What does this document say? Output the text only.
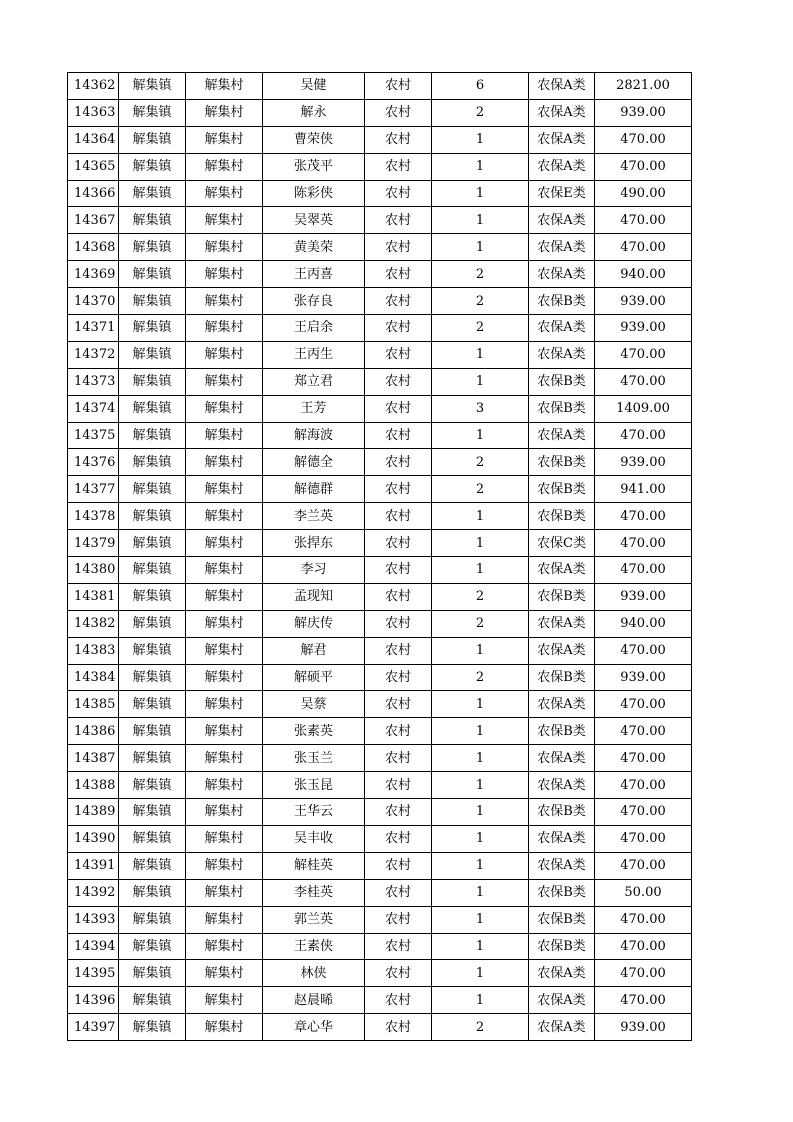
14362	解集镇	解集村	吴健	农村	6	农保A类	2821.00
14363	解集镇	解集村	解永	农村	2	农保A类	939.00
14364	解集镇	解集村	曹荣侠	农村	1	农保A类	470.00
14365	解集镇	解集村	张茂平	农村	1	农保A类	470.00
14366	解集镇	解集村	陈彩侠	农村	1	农保E类	490.00
14367	解集镇	解集村	吴翠英	农村	1	农保A类	470.00
14368	解集镇	解集村	黄美荣	农村	1	农保A类	470.00
14369	解集镇	解集村	王丙喜	农村	2	农保A类	940.00
14370	解集镇	解集村	张存良	农村	2	农保B类	939.00
14371	解集镇	解集村	王启余	农村	2	农保A类	939.00
14372	解集镇	解集村	王丙生	农村	1	农保A类	470.00
14373	解集镇	解集村	郑立君	农村	1	农保B类	470.00
14374	解集镇	解集村	王芳	农村	3	农保B类	1409.00
14375	解集镇	解集村	解海波	农村	1	农保A类	470.00
14376	解集镇	解集村	解德全	农村	2	农保B类	939.00
14377	解集镇	解集村	解德群	农村	2	农保B类	941.00
14378	解集镇	解集村	李兰英	农村	1	农保B类	470.00
14379	解集镇	解集村	张捍东	农村	1	农保C类	470.00
14380	解集镇	解集村	李习	农村	1	农保A类	470.00
14381	解集镇	解集村	孟现知	农村	2	农保B类	939.00
14382	解集镇	解集村	解庆传	农村	2	农保A类	940.00
14383	解集镇	解集村	解君	农村	1	农保A类	470.00
14384	解集镇	解集村	解硕平	农村	2	农保B类	939.00
14385	解集镇	解集村	吴蔡	农村	1	农保A类	470.00
14386	解集镇	解集村	张素英	农村	1	农保B类	470.00
14387	解集镇	解集村	张玉兰	农村	1	农保A类	470.00
14388	解集镇	解集村	张玉昆	农村	1	农保A类	470.00
14389	解集镇	解集村	王华云	农村	1	农保B类	470.00
14390	解集镇	解集村	吴丰收	农村	1	农保A类	470.00
14391	解集镇	解集村	解桂英	农村	1	农保A类	470.00
14392	解集镇	解集村	李桂英	农村	1	农保B类	50.00
14393	解集镇	解集村	郭兰英	农村	1	农保B类	470.00
14394	解集镇	解集村	王素侠	农村	1	农保B类	470.00
14395	解集镇	解集村	林侠	农村	1	农保A类	470.00
14396	解集镇	解集村	赵晨晞	农村	1	农保A类	470.00
14397	解集镇	解集村	章心华	农村	2	农保A类	939.00
